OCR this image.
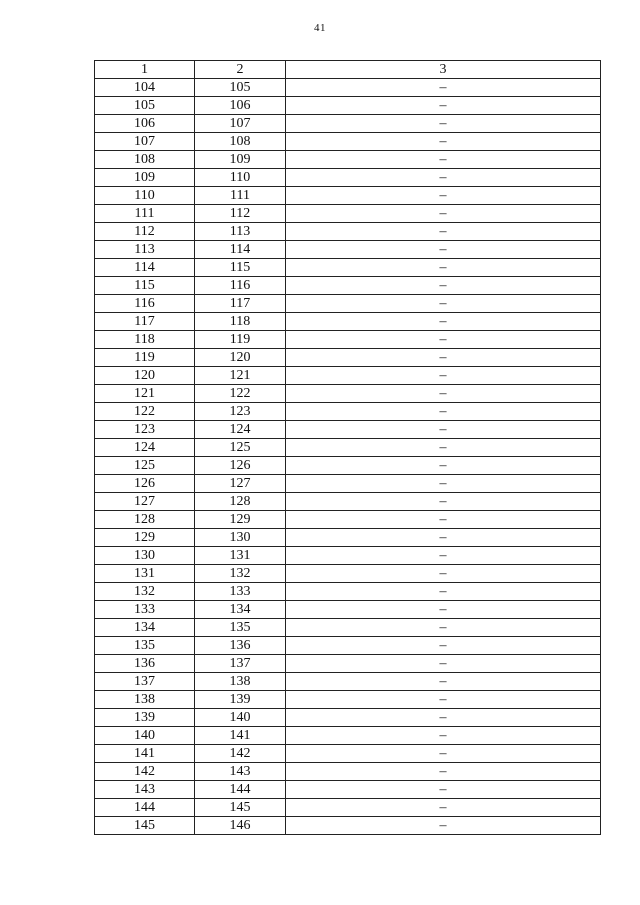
41
1	2	3
104	105	–
105	106	–
106	107	–
107	108	–
108	109	–
109	110	–
110	111	–
111	112	–
112	113	–
113	114	–
114	115	–
115	116	–
116	117	–
117	118	–
118	119	–
119	120	–
120	121	–
121	122	–
122	123	–
123	124	–
124	125	–
125	126	–
126	127	–
127	128	–
128	129	–
129	130	–
130	131	–
131	132	–
132	133	–
133	134	–
134	135	–
135	136	–
136	137	–
137	138	–
138	139	–
139	140	–
140	141	–
141	142	–
142	143	–
143	144	–
144	145	–
145	146	–
